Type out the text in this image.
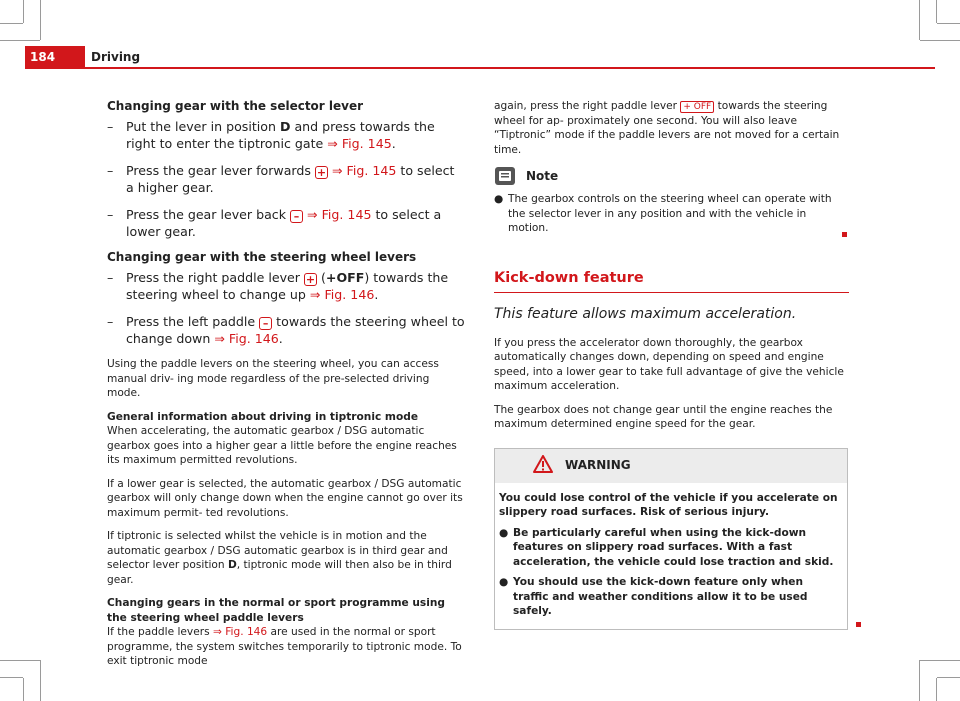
184	Driving
Changing gear with the selector lever
–	Put the lever in position D and press towards the right to enter the tiptronic gate ⇒ Fig. 145.
–	Press the gear lever forwards + ⇒ Fig. 145 to select a higher gear.
–	Press the gear lever back – ⇒ Fig. 145 to select a lower gear.
Changing gear with the steering wheel levers
–	Press the right paddle lever + (+OFF) towards the steering wheel to change up ⇒ Fig. 146.
–	Press the left paddle – towards the steering wheel to change down ⇒ Fig. 146.

Using the paddle levers on the steering wheel, you can access manual driv- ing mode regardless of the pre-selected driving mode.

General information about driving in tiptronic mode

When accelerating, the automatic gearbox / DSG automatic gearbox goes into a higher gear a little before the engine reaches its maximum permitted revolutions.

If a lower gear is selected, the automatic gearbox / DSG automatic gearbox will only change down when the engine cannot go over its maximum permit- ted revolutions.

If tiptronic is selected whilst the vehicle is in motion and the automatic gearbox / DSG automatic gearbox is in third gear and selector lever position D, tiptronic mode will then also be in third gear.

Changing gears in the normal or sport programme using the steering wheel paddle levers

If the paddle levers ⇒ Fig. 146 are used in the normal or sport programme, the system switches temporarily to tiptronic mode. To exit tiptronic mode

again, press the right paddle lever + OFF towards the steering wheel for ap- proximately one second. You will also leave “Tiptronic” mode if the paddle levers are not moved for a certain time.

Note
● The gearbox controls on the steering wheel can operate with the selector lever in any position and with the vehicle in motion.
Kick-down feature
This feature allows maximum acceleration.

If you press the accelerator down thoroughly, the gearbox automatically changes down, depending on speed and engine speed, into a lower gear to take full advantage of give the vehicle maximum acceleration.

The gearbox does not change gear until the engine reaches the maximum determined engine speed for the gear.

WARNING
You could lose control of the vehicle if you accelerate on slippery road surfaces. Risk of serious injury.
● Be particularly careful when using the kick-down features on slippery road surfaces. With a fast acceleration, the vehicle could lose traction and skid.
● You should use the kick-down feature only when traffic and weather conditions allow it to be used safely.
